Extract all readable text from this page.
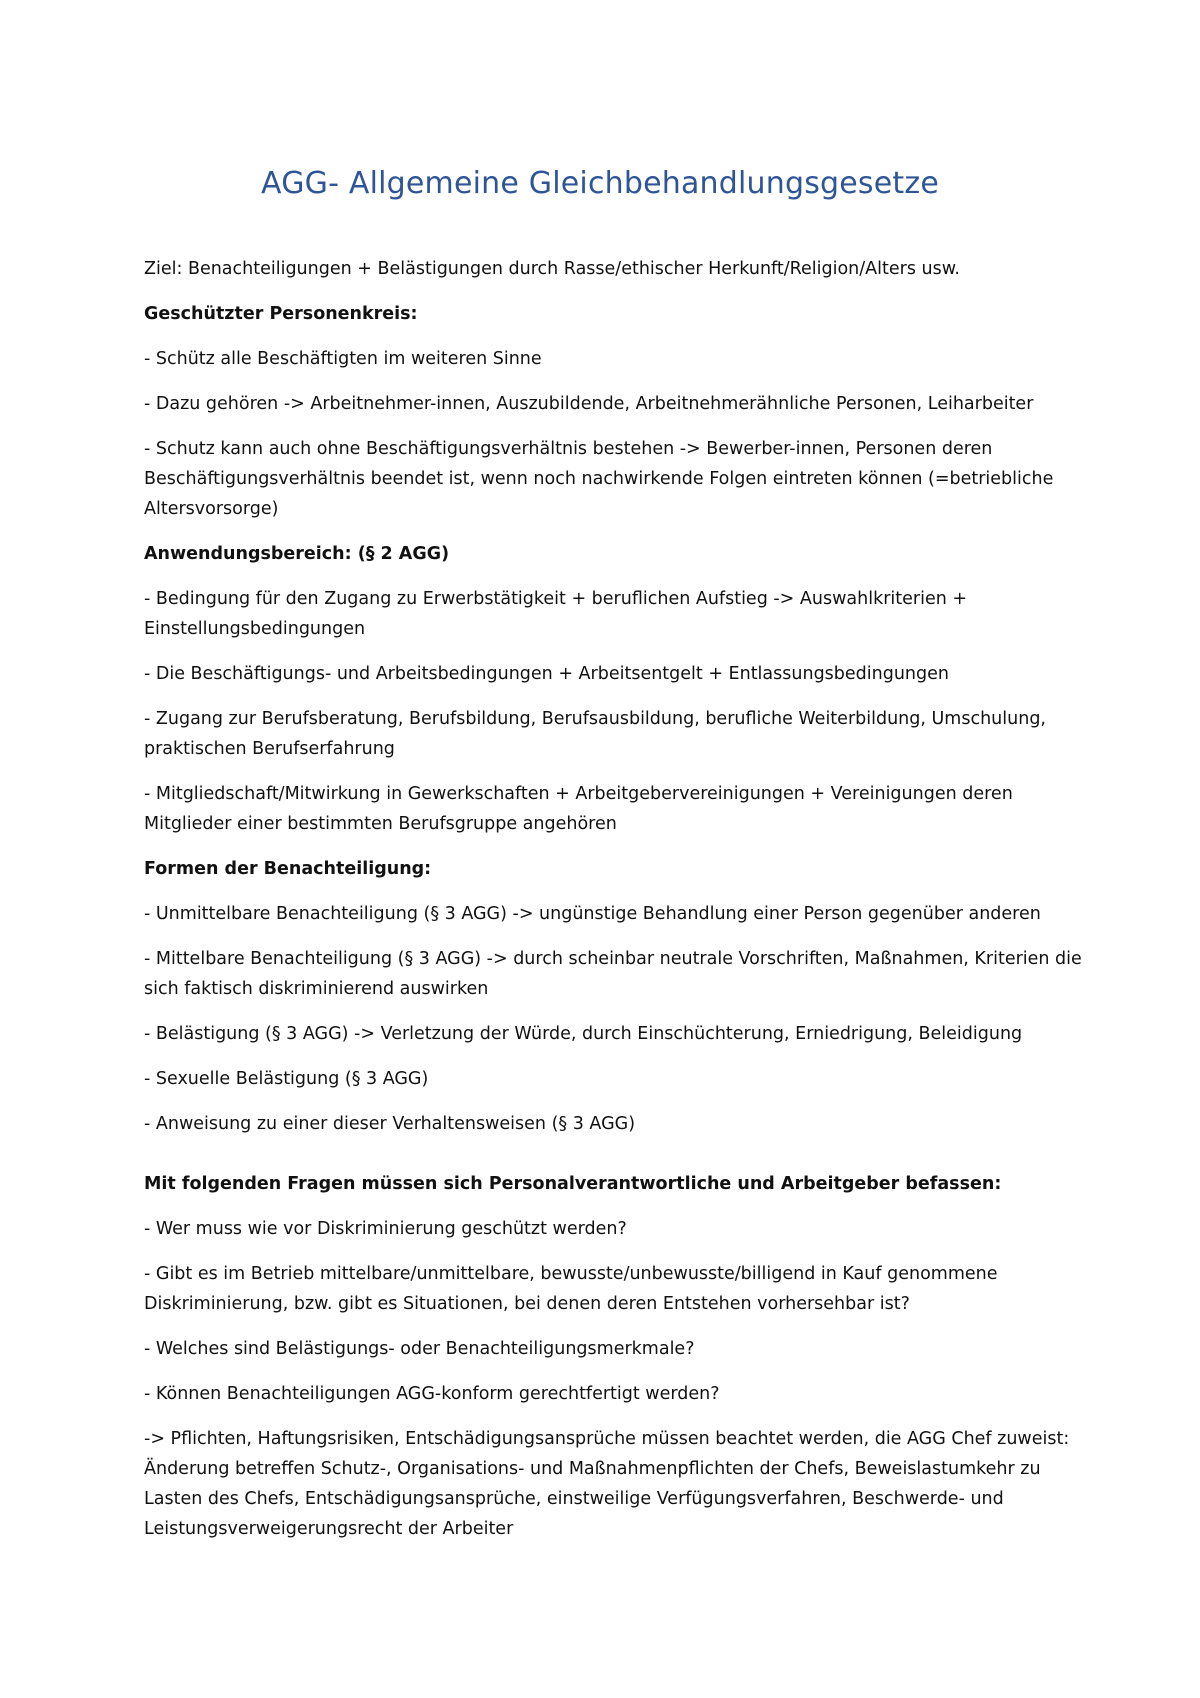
AGG- Allgemeine Gleichbehandlungsgesetze

Ziel: Benachteiligungen + Belästigungen durch Rasse/ethischer Herkunft/Religion/Alters usw.

Geschützter Personenkreis:

- Schütz alle Beschäftigten im weiteren Sinne

- Dazu gehören -> Arbeitnehmer-innen, Auszubildende, Arbeitnehmerähnliche Personen, Leiharbeiter

- Schutz kann auch ohne Beschäftigungsverhältnis bestehen -> Bewerber-innen, Personen deren Beschäftigungsverhältnis beendet ist, wenn noch nachwirkende Folgen eintreten können (=betriebliche Altersvorsorge)

Anwendungsbereich: (§ 2 AGG)

- Bedingung für den Zugang zu Erwerbstätigkeit + beruflichen Aufstieg -> Auswahlkriterien + Einstellungsbedingungen

- Die Beschäftigungs- und Arbeitsbedingungen + Arbeitsentgelt + Entlassungsbedingungen

- Zugang zur Berufsberatung, Berufsbildung, Berufsausbildung, berufliche Weiterbildung, Umschulung, praktischen Berufserfahrung

- Mitgliedschaft/Mitwirkung in Gewerkschaften + Arbeitgebervereinigungen + Vereinigungen deren Mitglieder einer bestimmten Berufsgruppe angehören

Formen der Benachteiligung:

- Unmittelbare Benachteiligung (§ 3 AGG) -> ungünstige Behandlung einer Person gegenüber anderen

- Mittelbare Benachteiligung (§ 3 AGG) -> durch scheinbar neutrale Vorschriften, Maßnahmen, Kriterien die sich faktisch diskriminierend auswirken

- Belästigung (§ 3 AGG) -> Verletzung der Würde, durch Einschüchterung, Erniedrigung, Beleidigung

- Sexuelle Belästigung (§ 3 AGG)

- Anweisung zu einer dieser Verhaltensweisen (§ 3 AGG)

Mit folgenden Fragen müssen sich Personalverantwortliche und Arbeitgeber befassen:

- Wer muss wie vor Diskriminierung geschützt werden?

- Gibt es im Betrieb mittelbare/unmittelbare, bewusste/unbewusste/billigend in Kauf genommene Diskriminierung, bzw. gibt es Situationen, bei denen deren Entstehen vorhersehbar ist?

- Welches sind Belästigungs- oder Benachteiligungsmerkmale?

- Können Benachteiligungen AGG-konform gerechtfertigt werden?

-> Pflichten, Haftungsrisiken, Entschädigungsansprüche müssen beachtet werden, die AGG Chef zuweist: Änderung betreffen Schutz-, Organisations- und Maßnahmenpflichten der Chefs, Beweislastumkehr zu Lasten des Chefs, Entschädigungsansprüche, einstweilige Verfügungsverfahren, Beschwerde- und Leistungsverweigerungsrecht der Arbeiter
